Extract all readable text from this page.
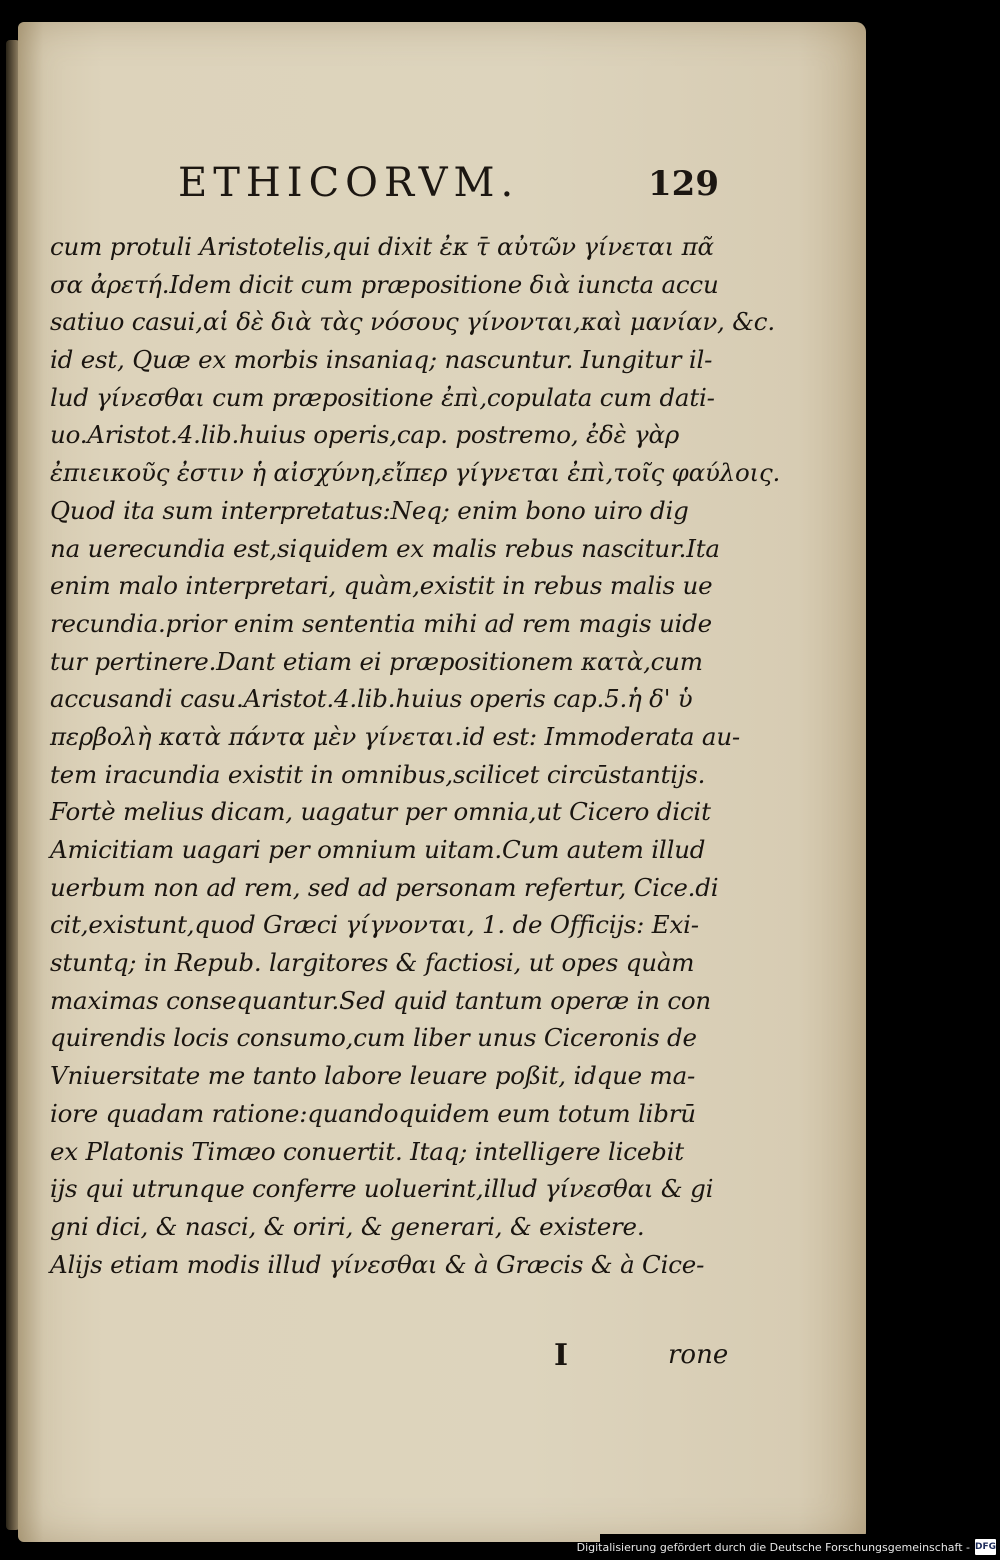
ETHICORVM.	129
cum protuli Aristotelis,qui dixit ἐκ τ̄ αὐτῶν γίνεται πᾶ
σα ἀρετή.Idem dicit cum præpositione διὰ iuncta accu
satiuo casui,αἱ δὲ διὰ τὰς νόσους γίνονται,καὶ μανίαν, &c.
id est, Quæ ex morbis insaniaq; nascuntur. Iungitur il-
lud γίνεσθαι cum præpositione ἐπὶ,copulata cum dati-
uo.Aristot.4.lib.huius operis,cap. postremo, ἐδὲ γὰρ
ἐπιεικοῦς ἐστιν ἡ αἰσχύνη,εἴπερ γίγνεται ἐπὶ,τοῖς φαύλοις.
Quod ita sum interpretatus:Neq; enim bono uiro dig
na uerecundia est,siquidem ex malis rebus nascitur.Ita
enim malo interpretari, quàm,existit in rebus malis ue
recundia.prior enim sententia mihi ad rem magis uide
tur pertinere.Dant etiam ei præpositionem κατὰ,cum
accusandi casu.Aristot.4.lib.huius operis cap.5.ἡ δ' ὑ
περβολὴ κατὰ πάντα μὲν γίνεται.id est: Immoderata au-
tem iracundia existit in omnibus,scilicet circūstantijs.
Fortè melius dicam, uagatur per omnia,ut Cicero dicit
Amicitiam uagari per omnium uitam.Cum autem illud
uerbum non ad rem, sed ad personam refertur, Cice.di
cit,existunt,quod Græci γίγνονται, 1. de Officijs: Exi-
stuntq; in Repub. largitores & factiosi, ut opes quàm
maximas consequantur.Sed quid tantum operæ in con
quirendis locis consumo,cum liber unus Ciceronis de
Vniuersitate me tanto labore leuare poßit, idque ma-
iore quadam ratione:quandoquidem eum totum librū
ex Platonis Timæo conuertit. Itaq; intelligere licebit
ijs qui utrunque conferre uoluerint,illud γίνεσθαι & gi
gni dici, & nasci, & oriri, & generari, & existere.
Alijs etiam modis illud γίνεσθαι & à Græcis & à Cice-
I	rone
Digitalisierung gefördert durch die Deutsche Forschungsgemeinschaft - DFG
